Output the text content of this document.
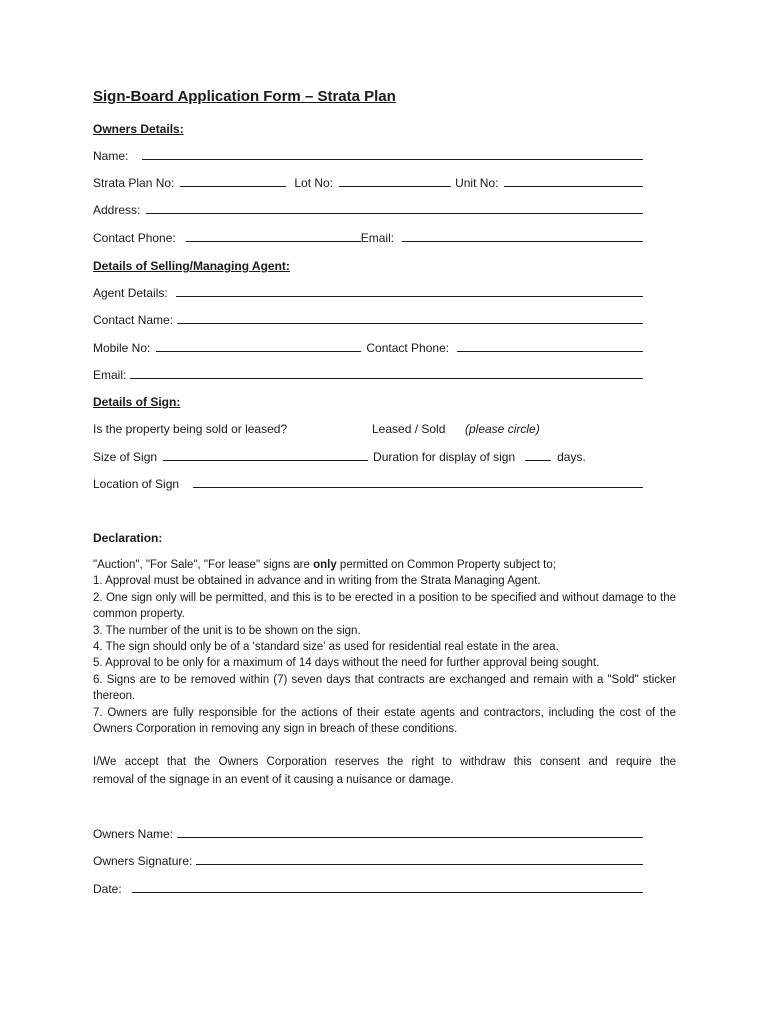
Sign-Board Application Form – Strata Plan
Owners Details:
Name:
Strata Plan No:	Lot No:	Unit No:
Address:
Contact Phone:	Email:
Details of Selling/Managing Agent:
Agent Details:
Contact Name:
Mobile No:	Contact Phone:
Email:
Details of Sign:
Is the property being sold or leased?	Leased / Sold (please circle)
Size of Sign	Duration for display of sign	days.
Location of Sign
Declaration:

"Auction", "For Sale", "For lease" signs are only permitted on Common Property subject to;

1. Approval must be obtained in advance and in writing from the Strata Managing Agent.

2. One sign only will be permitted, and this is to be erected in a position to be specified and without damage to the common property.

3. The number of the unit is to be shown on the sign.

4. The sign should only be of a 'standard size' as used for residential real estate in the area.

5. Approval to be only for a maximum of 14 days without the need for further approval being sought.

6. Signs are to be removed within (7) seven days that contracts are exchanged and remain with a "Sold" sticker thereon.

7. Owners are fully responsible for the actions of their estate agents and contractors, including the cost of the Owners Corporation in removing any sign in breach of these conditions.

I/We accept that the Owners Corporation reserves the right to withdraw this consent and require the
removal of the signage in an event of it causing a nuisance or damage.
Owners Name:
Owners Signature:
Date:
